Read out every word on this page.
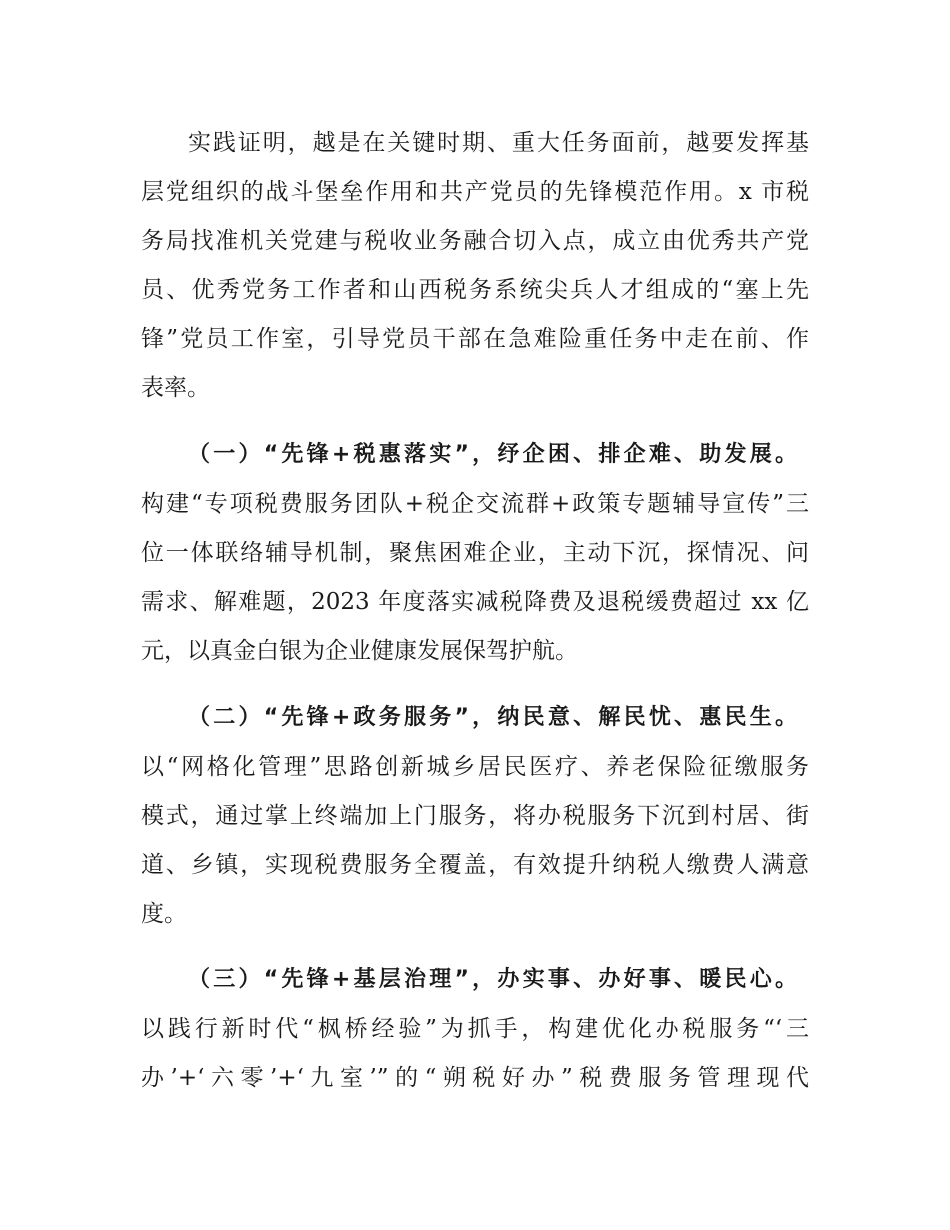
实践证明，越是在关键时期、重大任务面前，越要发挥基
层党组织的战斗堡垒作用和共产党员的先锋模范作用。x 市税
务局找准机关党建与税收业务融合切入点，成立由优秀共产党
员、优秀党务工作者和山西税务系统尖兵人才组成的“塞上先
锋”党员工作室，引导党员干部在急难险重任务中走在前、作
表率。
（一）“先锋+税惠落实”，纾企困、排企难、助发展。
构建“专项税费服务团队+税企交流群+政策专题辅导宣传”三
位一体联络辅导机制，聚焦困难企业，主动下沉，探情况、问
需求、解难题，2023 年度落实减税降费及退税缓费超过 xx 亿
元，以真金白银为企业健康发展保驾护航。
（二）“先锋+政务服务”，纳民意、解民忧、惠民生。
以“网格化管理”思路创新城乡居民医疗、养老保险征缴服务
模式，通过掌上终端加上门服务，将办税服务下沉到村居、街
道、乡镇，实现税费服务全覆盖，有效提升纳税人缴费人满意
度。
（三）“先锋+基层治理”，办实事、办好事、暖民心。
以践行新时代“枫桥经验”为抓手，构建优化办税服务“‘三
办’+‘六零’+‘九室’”的“朔税好办”税费服务管理现代
